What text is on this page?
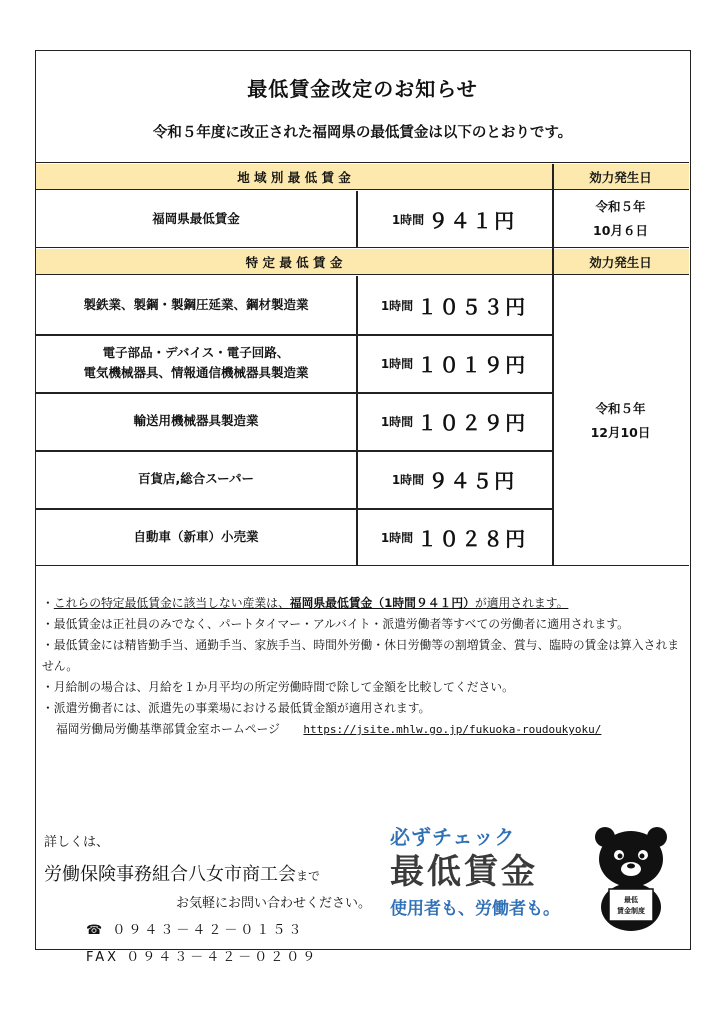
最低賃金改定のお知らせ
令和５年度に改正された福岡県の最低賃金は以下のとおりです。
地 域 別 最 低 賃 金	効力発生日
福岡県最低賃金	1時間 ９４１円
令和５年
10月６日
特 定 最 低 賃 金	効力発生日
製鉄業、製鋼・製鋼圧延業、鋼材製造業	1時間 １０５３円
電子部品・デバイス・電子回路、
電気機械器具、情報通信機械器具製造業
1時間 １０１９円
輸送用機械器具製造業	1時間 １０２９円
百貨店,総合スーパー	1時間 ９４５円
自動車（新車）小売業	1時間 １０２８円
令和５年
12月10日
・これらの特定最低賃金に該当しない産業は、福岡県最低賃金（1時間９４１円）が適用されます。
・最低賃金は正社員のみでなく、パートタイマー・アルバイト・派遣労働者等すべての労働者に適用されます。
・最低賃金には精皆勤手当、通勤手当、家族手当、時間外労働・休日労働等の割増賃金、賞与、臨時の賃金は算入されません。
・月給制の場合は、月給を１か月平均の所定労働時間で除して金額を比較してください。
・派遣労働者には、派遣先の事業場における最低賃金額が適用されます。
福岡労働局労働基準部賃金室ホームページ https://jsite.mhlw.go.jp/fukuoka-roudoukyoku/
詳しくは、
労働保険事務組合八女市商工会まで
お気軽にお問い合わせください。
☎ ０９４３－４２－０１５３
FAX ０９４３－４２－０２０９
必ずチェック
最低賃金
使用者も、労働者も。	最低
賃金制度
